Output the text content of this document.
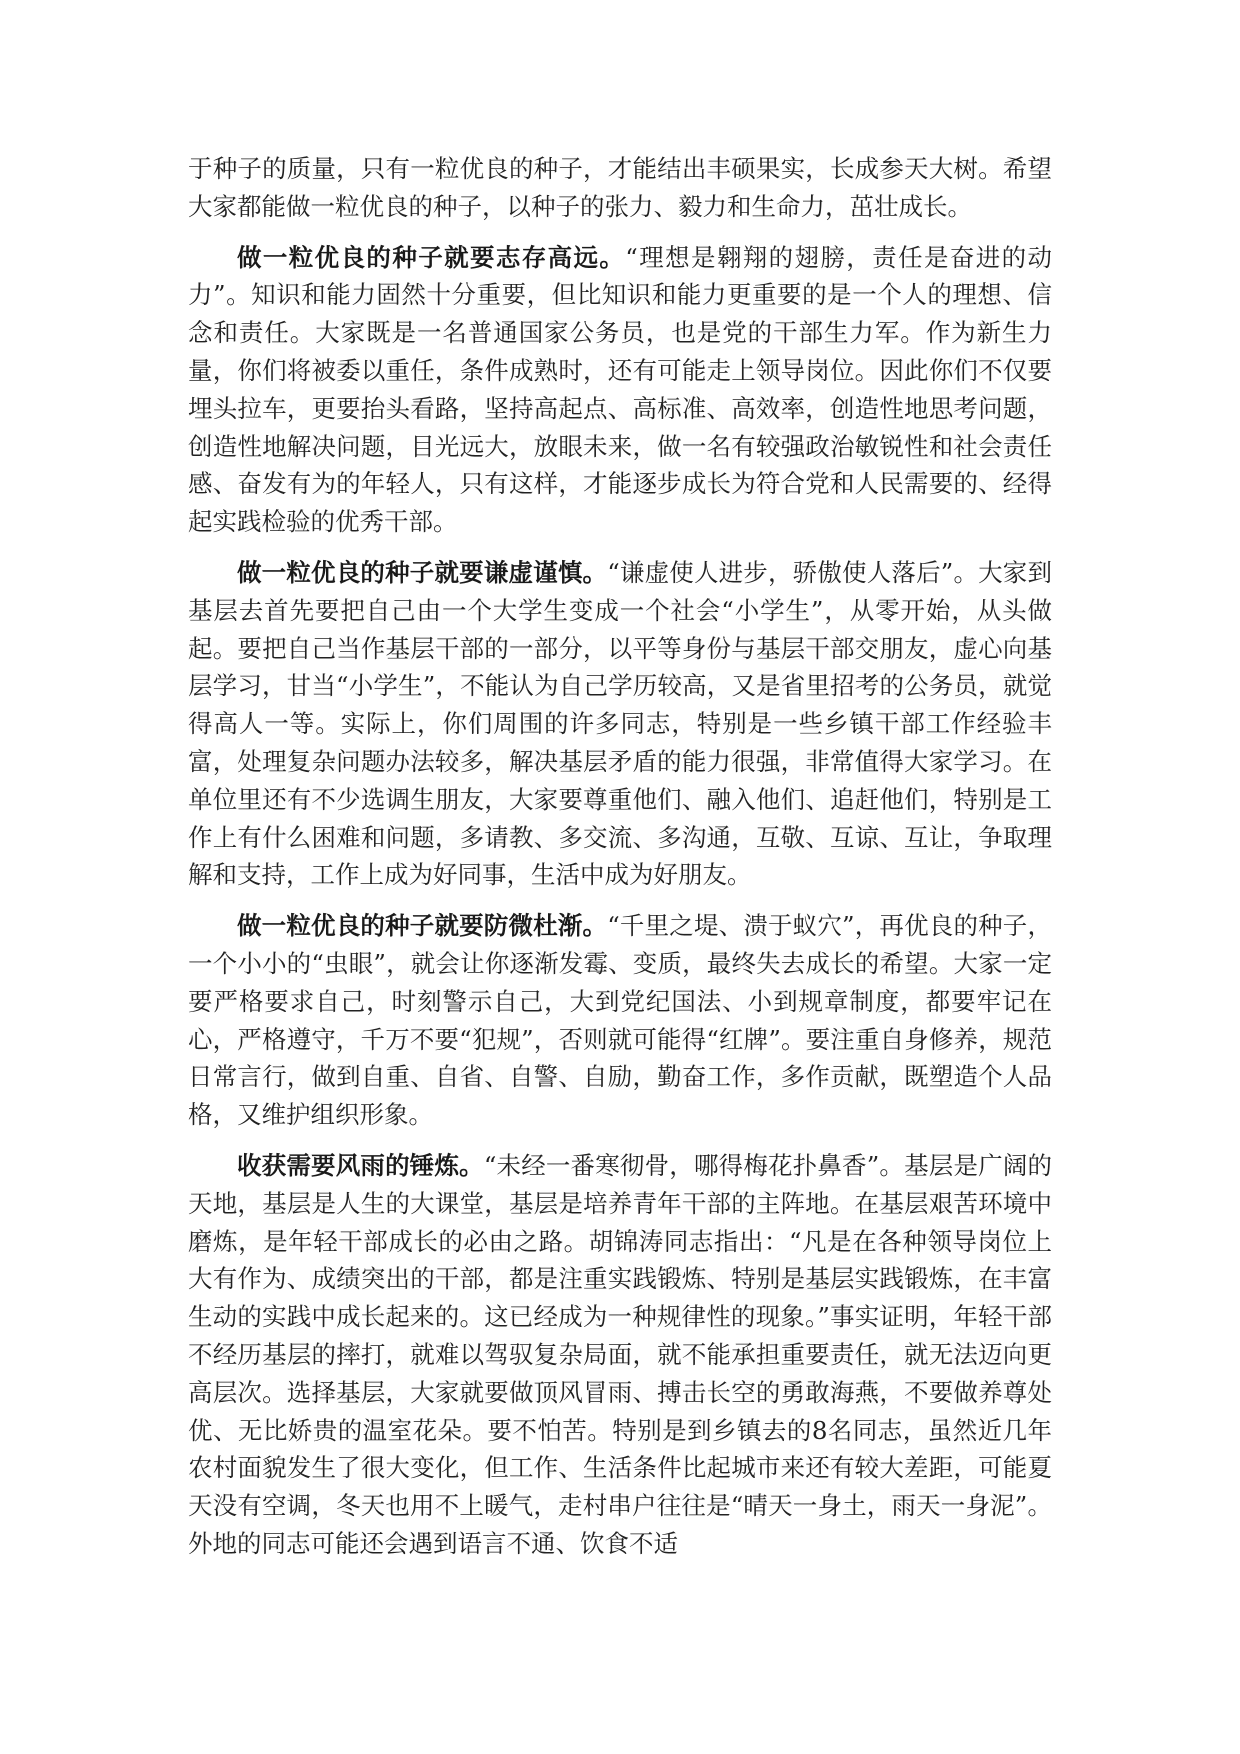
于种子的质量，只有一粒优良的种子，才能结出丰硕果实，长成参天大树。希望大家都能做一粒优良的种子，以种子的张力、毅力和生命力，茁壮成长。

做一粒优良的种子就要志存高远。“理想是翱翔的翅膀，责任是奋进的动力”。知识和能力固然十分重要，但比知识和能力更重要的是一个人的理想、信念和责任。大家既是一名普通国家公务员，也是党的干部生力军。作为新生力量，你们将被委以重任，条件成熟时，还有可能走上领导岗位。因此你们不仅要埋头拉车，更要抬头看路，坚持高起点、高标准、高效率，创造性地思考问题，创造性地解决问题，目光远大，放眼未来，做一名有较强政治敏锐性和社会责任感、奋发有为的年轻人，只有这样，才能逐步成长为符合党和人民需要的、经得起实践检验的优秀干部。

做一粒优良的种子就要谦虚谨慎。“谦虚使人进步，骄傲使人落后”。大家到基层去首先要把自己由一个大学生变成一个社会“小学生”，从零开始，从头做起。要把自己当作基层干部的一部分，以平等身份与基层干部交朋友，虚心向基层学习，甘当“小学生”，不能认为自己学历较高，又是省里招考的公务员，就觉得高人一等。实际上，你们周围的许多同志，特别是一些乡镇干部工作经验丰富，处理复杂问题办法较多，解决基层矛盾的能力很强，非常值得大家学习。在单位里还有不少选调生朋友，大家要尊重他们、融入他们、追赶他们，特别是工作上有什么困难和问题，多请教、多交流、多沟通，互敬、互谅、互让，争取理解和支持，工作上成为好同事，生活中成为好朋友。

做一粒优良的种子就要防微杜渐。“千里之堤、溃于蚁穴”，再优良的种子，一个小小的“虫眼”，就会让你逐渐发霉、变质，最终失去成长的希望。大家一定要严格要求自己，时刻警示自己，大到党纪国法、小到规章制度，都要牢记在心，严格遵守，千万不要“犯规”，否则就可能得“红牌”。要注重自身修养，规范日常言行，做到自重、自省、自警、自励，勤奋工作，多作贡献，既塑造个人品格，又维护组织形象。

收获需要风雨的锤炼。“未经一番寒彻骨，哪得梅花扑鼻香”。基层是广阔的天地，基层是人生的大课堂，基层是培养青年干部的主阵地。在基层艰苦环境中磨炼，是年轻干部成长的必由之路。胡锦涛同志指出：“凡是在各种领导岗位上大有作为、成绩突出的干部，都是注重实践锻炼、特别是基层实践锻炼，在丰富生动的实践中成长起来的。这已经成为一种规律性的现象。”事实证明，年轻干部不经历基层的摔打，就难以驾驭复杂局面，就不能承担重要责任，就无法迈向更高层次。选择基层，大家就要做顶风冒雨、搏击长空的勇敢海燕，不要做养尊处优、无比娇贵的温室花朵。要不怕苦。特别是到乡镇去的8名同志，虽然近几年农村面貌发生了很大变化，但工作、生活条件比起城市来还有较大差距，可能夏天没有空调，冬天也用不上暖气，走村串户往往是“晴天一身土，雨天一身泥”。外地的同志可能还会遇到语言不通、饮食不适
